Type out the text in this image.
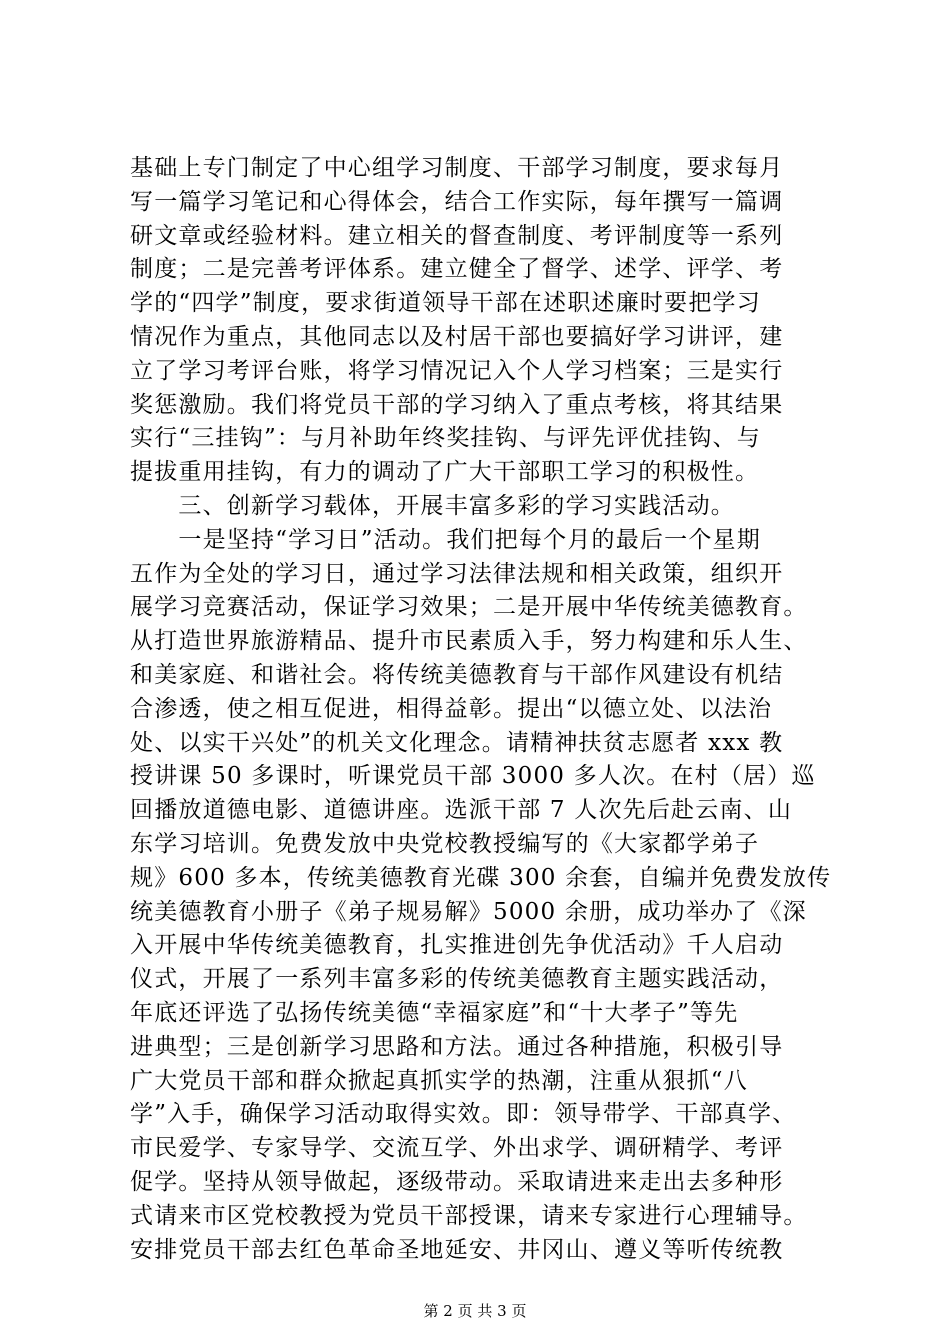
基础上专门制定了中心组学习制度、干部学习制度，要求每月
写一篇学习笔记和心得体会，结合工作实际，每年撰写一篇调
研文章或经验材料。建立相关的督查制度、考评制度等一系列
制度；二是完善考评体系。建立健全了督学、述学、评学、考
学的“四学”制度，要求街道领导干部在述职述廉时要把学习
情况作为重点，其他同志以及村居干部也要搞好学习讲评，建
立了学习考评台账，将学习情况记入个人学习档案；三是实行
奖惩激励。我们将党员干部的学习纳入了重点考核，将其结果
实行“三挂钩”：与月补助年终奖挂钩、与评先评优挂钩、与
提拔重用挂钩，有力的调动了广大干部职工学习的积极性。
　　三、创新学习载体，开展丰富多彩的学习实践活动。
　　一是坚持“学习日”活动。我们把每个月的最后一个星期
五作为全处的学习日，通过学习法律法规和相关政策，组织开
展学习竞赛活动，保证学习效果；二是开展中华传统美德教育。
从打造世界旅游精品、提升市民素质入手，努力构建和乐人生、
和美家庭、和谐社会。将传统美德教育与干部作风建设有机结
合渗透，使之相互促进，相得益彰。提出“以德立处、以法治
处、以实干兴处”的机关文化理念。请精神扶贫志愿者 xxx 教
授讲课 50 多课时，听课党员干部 3000 多人次。在村（居）巡
回播放道德电影、道德讲座。选派干部 7 人次先后赴云南、山
东学习培训。免费发放中央党校教授编写的《大家都学弟子
规》600 多本，传统美德教育光碟 300 余套，自编并免费发放传
统美德教育小册子《弟子规易解》5000 余册，成功举办了《深
入开展中华传统美德教育，扎实推进创先争优活动》千人启动
仪式，开展了一系列丰富多彩的传统美德教育主题实践活动，
年底还评选了弘扬传统美德“幸福家庭”和“十大孝子”等先
进典型；三是创新学习思路和方法。通过各种措施，积极引导
广大党员干部和群众掀起真抓实学的热潮，注重从狠抓“八
学”入手，确保学习活动取得实效。即：领导带学、干部真学、
市民爱学、专家导学、交流互学、外出求学、调研精学、考评
促学。坚持从领导做起，逐级带动。采取请进来走出去多种形
式请来市区党校教授为党员干部授课，请来专家进行心理辅导。
安排党员干部去红色革命圣地延安、井冈山、遵义等听传统教
第 2 页 共 3 页
